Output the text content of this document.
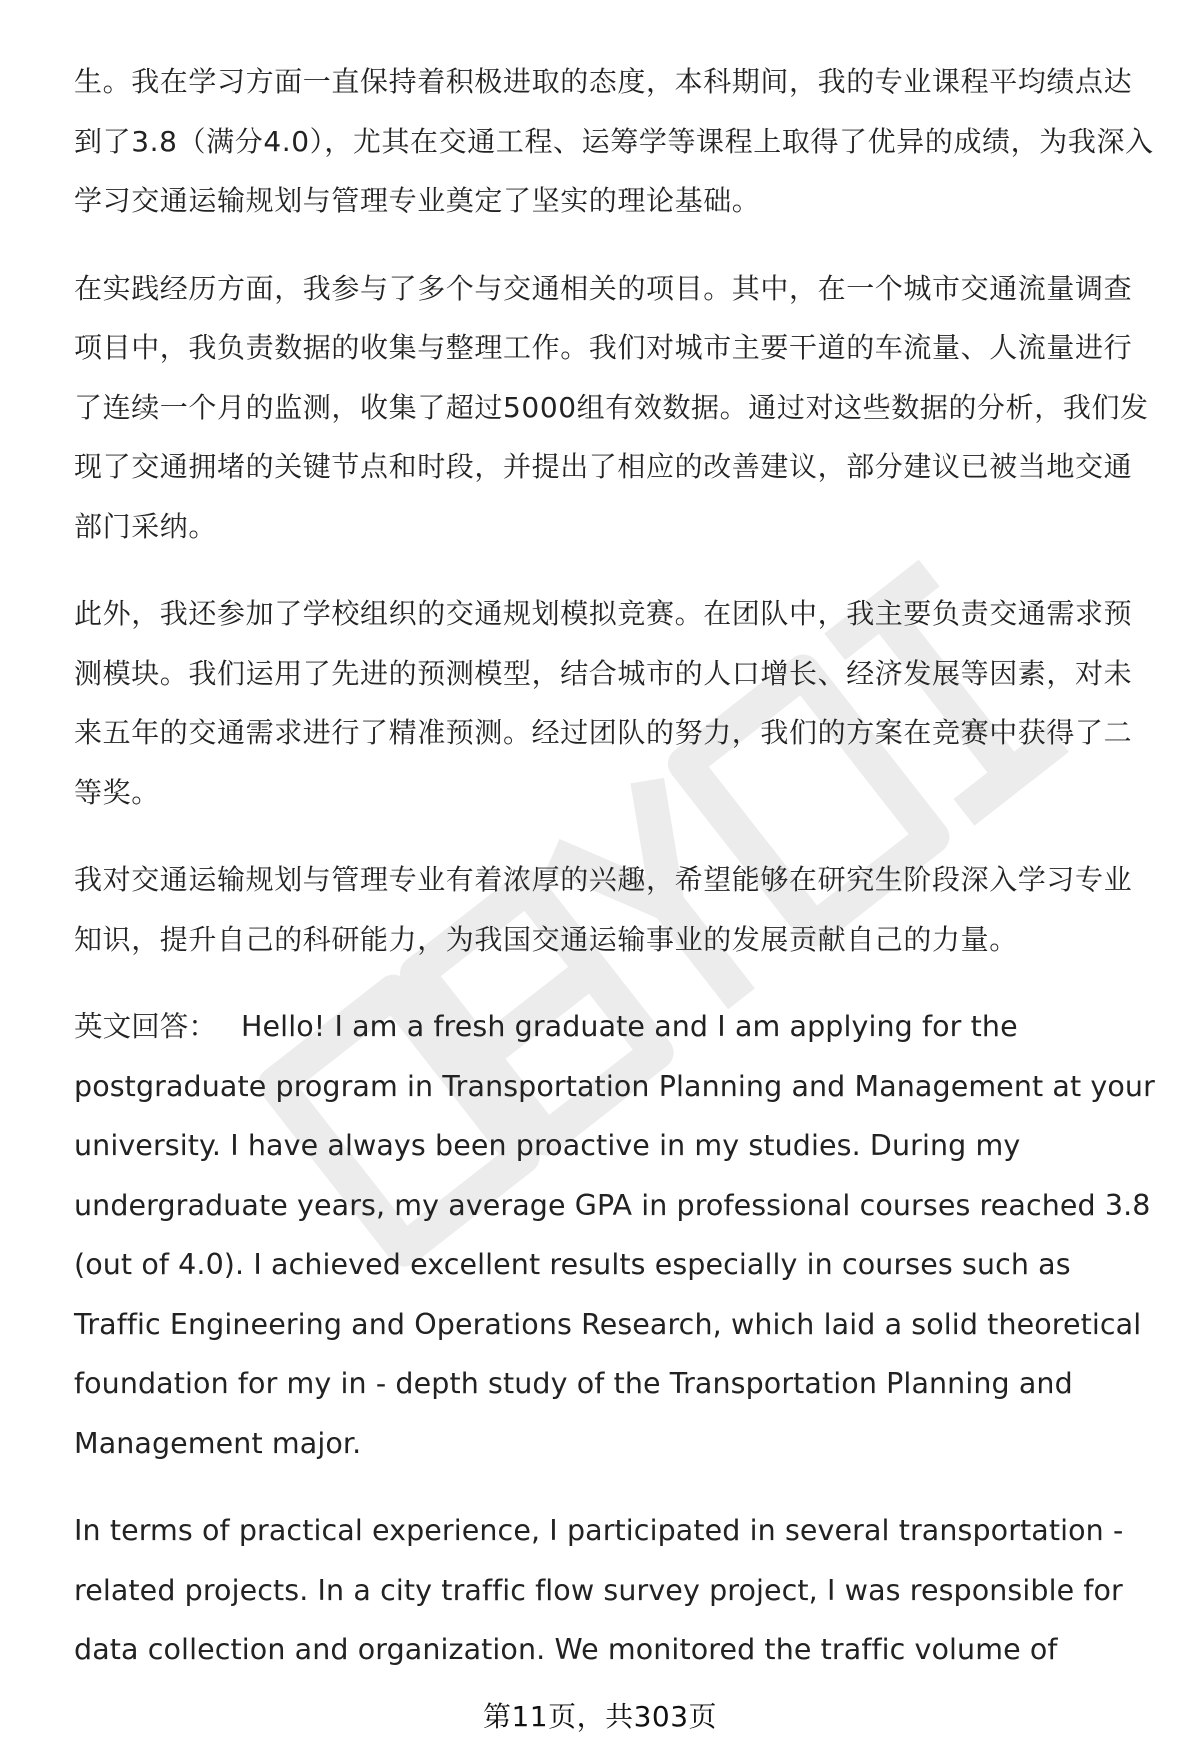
生。我在学习方面一直保持着积极进取的态度，本科期间，我的专业课程平均绩点达到了3.8（满分4.0），尤其在交通工程、运筹学等课程上取得了优异的成绩，为我深入学习交通运输规划与管理专业奠定了坚实的理论基础。

在实践经历方面，我参与了多个与交通相关的项目。其中，在一个城市交通流量调查项目中，我负责数据的收集与整理工作。我们对城市主要干道的车流量、人流量进行了连续一个月的监测，收集了超过5000组有效数据。通过对这些数据的分析，我们发现了交通拥堵的关键节点和时段，并提出了相应的改善建议，部分建议已被当地交通部门采纳。

此外，我还参加了学校组织的交通规划模拟竞赛。在团队中，我主要负责交通需求预测模块。我们运用了先进的预测模型，结合城市的人口增长、经济发展等因素，对未来五年的交通需求进行了精准预测。经过团队的努力，我们的方案在竞赛中获得了二等奖。

我对交通运输规划与管理专业有着浓厚的兴趣，希望能够在研究生阶段深入学习专业知识，提升自己的科研能力，为我国交通运输事业的发展贡献自己的力量。

英文回答： Hello! I am a fresh graduate and I am applying for the postgraduate program in Transportation Planning and Management at your university. I have always been proactive in my studies. During my undergraduate years, my average GPA in professional courses reached 3.8 (out of 4.0). I achieved excellent results especially in courses such as Traffic Engineering and Operations Research, which laid a solid theoretical foundation for my in - depth study of the Transportation Planning and Management major.

In terms of practical experience, I participated in several transportation - related projects. In a city traffic flow survey project, I was responsible for data collection and organization. We monitored the traffic volume of

第11页，共303页
